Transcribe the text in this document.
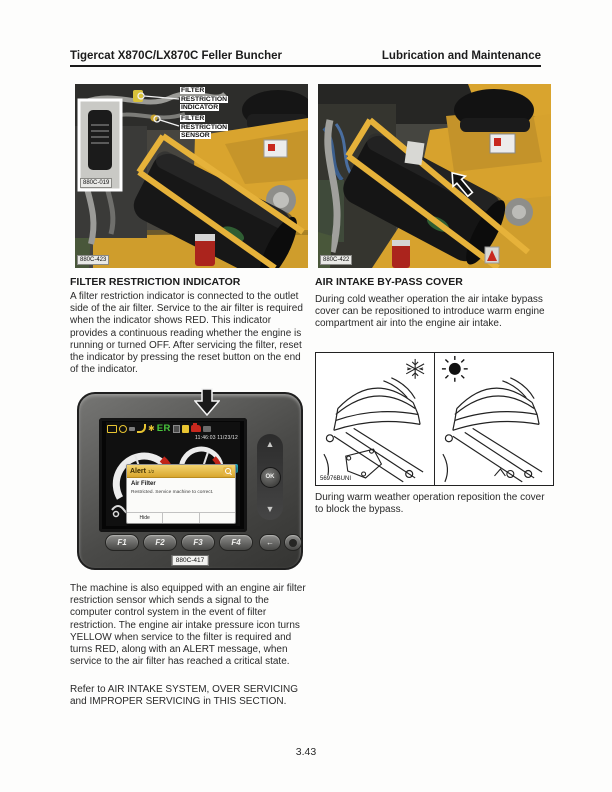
Tigercat X870C/LX870C Feller Buncher	Lubrication and Maintenance
FILTER RESTRICTION INDICATOR
FILTER RESTRICTION SENSOR
880C-019
880C-423	880C-422
FILTER RESTRICTION INDICATOR
A filter restriction indicator is connected to the outlet side of the air filter. Service to the air filter is required when the indicator shows RED. This indicator provides a continuous reading whether the engine is running or turned OFF. After servicing the filter, reset the indicator by pressing the reset button on the end of the indicator.
AIR INTAKE BY-PASS COVER
During cold weather operation the air intake bypass cover can be repositioned to introduce warm engine compartment air into the engine air intake.
56976BUNI
During warm weather operation reposition the cover to block the bypass.
✱ ER
11:46:03 11/23/12
Alert 1/2
Air Filter
Restricted. Service machine to correct.
Hide
▲
OK
▼
F1	F2	F3	F4	←
880C-417
The machine is also equipped with an engine air filter restriction sensor which sends a signal to the computer control system in the event of filter restriction. The engine air intake pressure icon turns YELLOW when service to the filter is required and turns RED, along with an ALERT message, when service to the air filter has reached a critical state.
Refer to AIR INTAKE SYSTEM, OVER SERVICING and IMPROPER SERVICING in THIS SECTION.
3.43
